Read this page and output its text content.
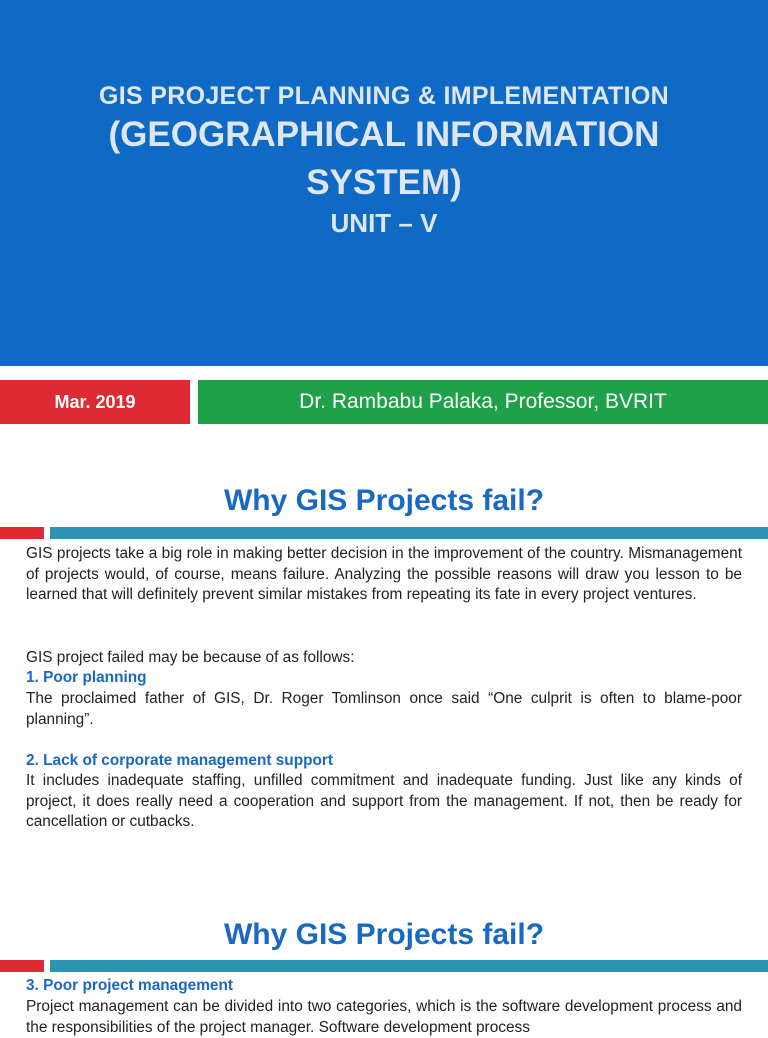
GIS PROJECT PLANNING & IMPLEMENTATION
(GEOGRAPHICAL INFORMATION
SYSTEM)
UNIT – V
Mar. 2019	Dr. Rambabu Palaka, Professor, BVRIT
Why GIS Projects fail?

GIS projects take a big role in making better decision in the improvement of the country. Mismanagement of projects would, of course, means failure. Analyzing the possible reasons will draw you lesson to be learned that will definitely prevent similar mistakes from repeating its fate in every project ventures.

GIS project failed may be because of as follows:

1. Poor planning

The proclaimed father of GIS, Dr. Roger Tomlinson once said “One culprit is often to blame-poor planning”.

2. Lack of corporate management support

It includes inadequate staffing, unfilled commitment and inadequate funding. Just like any kinds of project, it does really need a cooperation and support from the management. If not, then be ready for cancellation or cutbacks.

Why GIS Projects fail?

3. Poor project management

Project management can be divided into two categories, which is the software development process and the responsibilities of the project manager. Software development process
